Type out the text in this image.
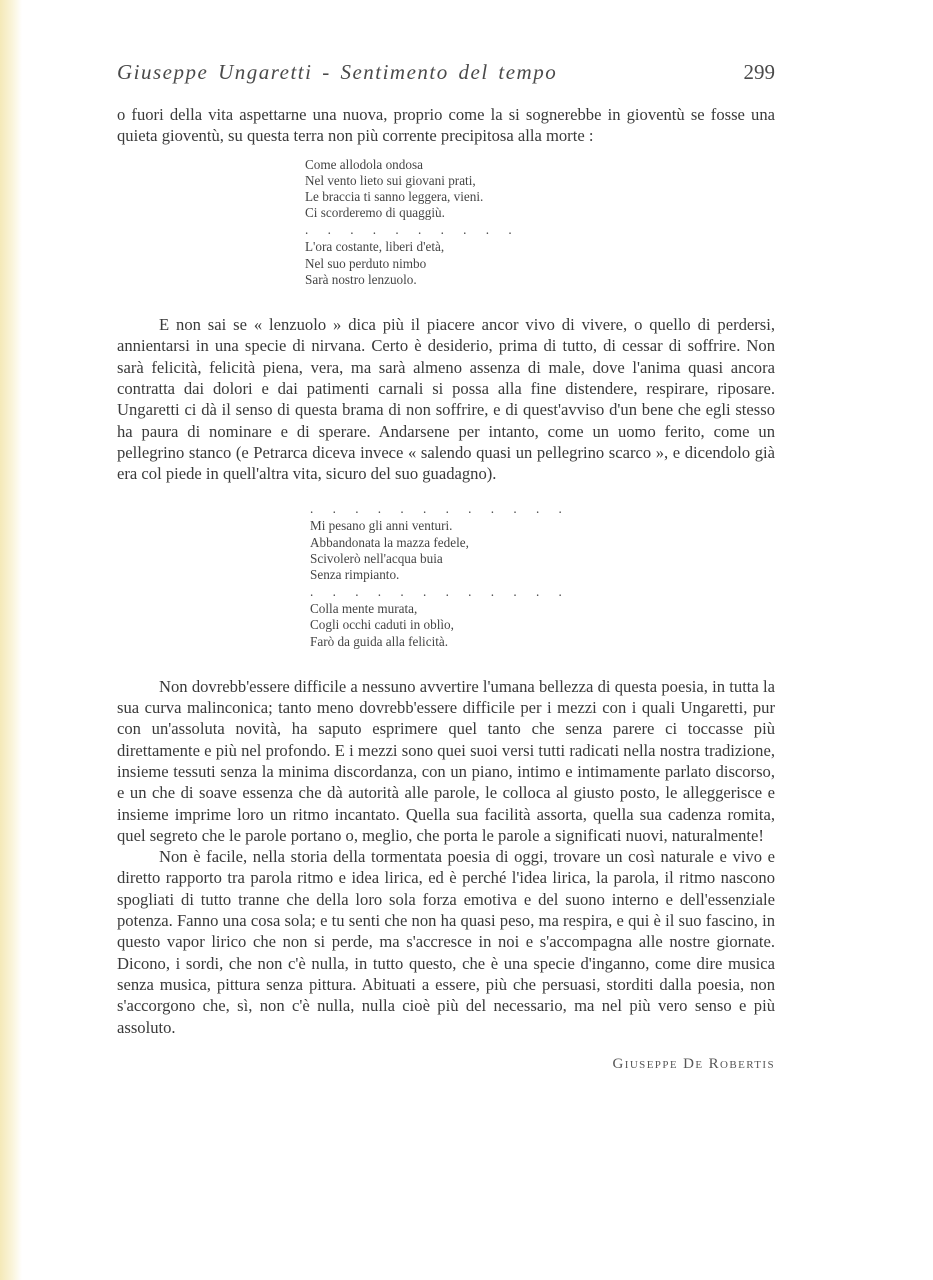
Giuseppe Ungaretti - Sentimento del tempo	299

o fuori della vita aspettarne una nuova, proprio come la si sognerebbe in gioventù se fosse una quieta gioventù, su questa terra non più corrente precipitosa alla morte :

Come allodola ondosa
Nel vento lieto sui giovani prati,
Le braccia ti sanno leggera, vieni.
Ci scorderemo di quaggiù.
. . . . . . . . . .
L'ora costante, liberi d'età,
Nel suo perduto nimbo
Sarà nostro lenzuolo.

E non sai se « lenzuolo » dica più il piacere ancor vivo di vivere, o quello di perdersi, annientarsi in una specie di nirvana. Certo è desiderio, prima di tutto, di cessar di soffrire. Non sarà felicità, felicità piena, vera, ma sarà almeno assenza di male, dove l'anima quasi ancora contratta dai dolori e dai patimenti carnali si possa alla fine distendere, respirare, riposare. Ungaretti ci dà il senso di questa brama di non soffrire, e di quest'avviso d'un bene che egli stesso ha paura di nominare e di sperare. Andarsene per intanto, come un uomo ferito, come un pellegrino stanco (e Petrarca diceva invece « salendo quasi un pellegrino scarco », e dicendolo già era col piede in quell'altra vita, sicuro del suo guadagno).

. . . . . . . . . . . .
Mi pesano gli anni venturi.
Abbandonata la mazza fedele,
Scivolerò nell'acqua buia
Senza rimpianto.
. . . . . . . . . . . .
Colla mente murata,
Cogli occhi caduti in oblìo,
Farò da guida alla felicità.

Non dovrebb'essere difficile a nessuno avvertire l'umana bellezza di questa poesia, in tutta la sua curva malinconica; tanto meno dovrebb'essere difficile per i mezzi con i quali Ungaretti, pur con un'assoluta novità, ha saputo esprimere quel tanto che senza parere ci toccasse più direttamente e più nel profondo. E i mezzi sono quei suoi versi tutti radicati nella nostra tradizione, insieme tessuti senza la minima discordanza, con un piano, intimo e intimamente parlato discorso, e un che di soave essenza che dà autorità alle parole, le colloca al giusto posto, le alleggerisce e insieme imprime loro un ritmo incantato. Quella sua facilità assorta, quella sua cadenza romita, quel segreto che le parole portano o, meglio, che porta le parole a significati nuovi, naturalmente!

Non è facile, nella storia della tormentata poesia di oggi, trovare un così naturale e vivo e diretto rapporto tra parola ritmo e idea lirica, ed è perché l'idea lirica, la parola, il ritmo nascono spogliati di tutto tranne che della loro sola forza emotiva e del suono interno e dell'essenziale potenza. Fanno una cosa sola; e tu senti che non ha quasi peso, ma respira, e qui è il suo fascino, in questo vapor lirico che non si perde, ma s'accresce in noi e s'accompagna alle nostre giornate. Dicono, i sordi, che non c'è nulla, in tutto questo, che è una specie d'inganno, come dire musica senza musica, pittura senza pittura. Abituati a essere, più che persuasi, storditi dalla poesia, non s'accorgono che, sì, non c'è nulla, nulla cioè più del necessario, ma nel più vero senso e più assoluto.

Giuseppe De Robertis
